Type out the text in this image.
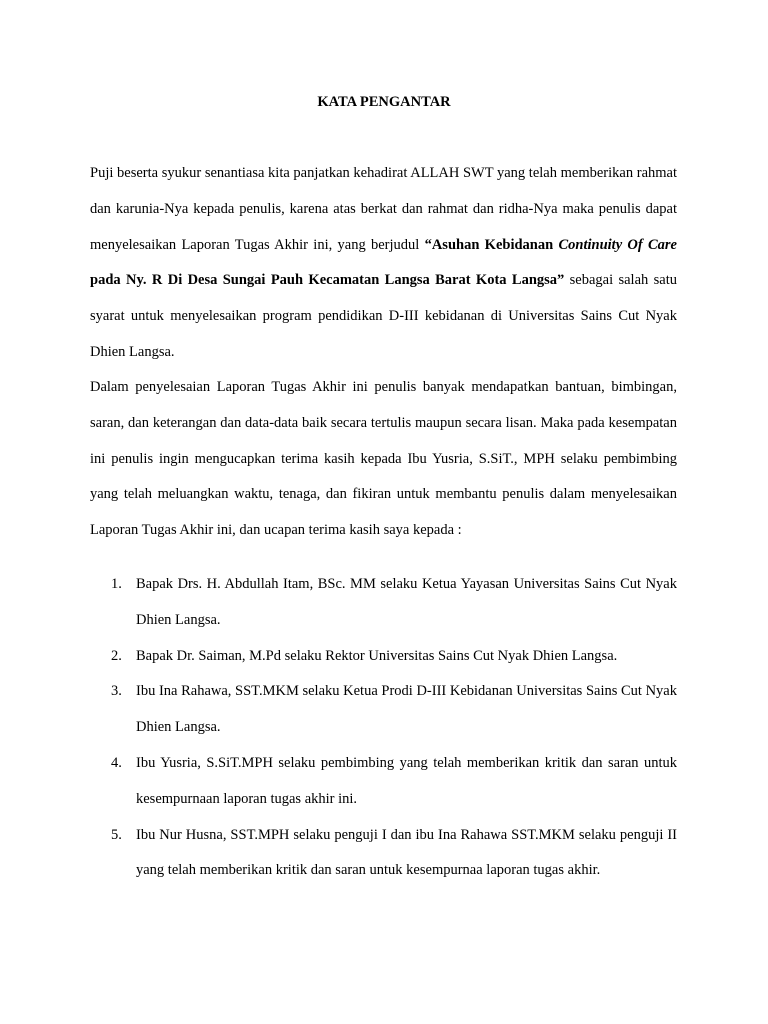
KATA PENGANTAR
Puji beserta syukur senantiasa kita panjatkan kehadirat ALLAH SWT yang telah memberikan rahmat dan karunia-Nya kepada penulis, karena atas berkat dan rahmat dan ridha-Nya maka penulis dapat menyelesaikan Laporan Tugas Akhir ini, yang berjudul “Asuhan Kebidanan Continuity Of Care pada Ny. R Di Desa Sungai Pauh Kecamatan Langsa Barat Kota Langsa” sebagai salah satu syarat untuk menyelesaikan program pendidikan D-III kebidanan di Universitas Sains Cut Nyak Dhien Langsa.
Dalam penyelesaian Laporan Tugas Akhir ini penulis banyak mendapatkan bantuan, bimbingan, saran, dan keterangan dan data-data baik secara tertulis maupun secara lisan. Maka pada kesempatan ini penulis ingin mengucapkan terima kasih kepada Ibu Yusria, S.SiT., MPH selaku pembimbing yang telah meluangkan waktu, tenaga, dan fikiran untuk membantu penulis dalam menyelesaikan Laporan Tugas Akhir ini, dan ucapan terima kasih saya kepada :
1. Bapak Drs. H. Abdullah Itam, BSc. MM selaku Ketua Yayasan Universitas Sains Cut Nyak Dhien Langsa.
2. Bapak Dr. Saiman, M.Pd selaku Rektor Universitas Sains Cut Nyak Dhien Langsa.
3. Ibu Ina Rahawa, SST.MKM selaku Ketua Prodi D-III Kebidanan Universitas Sains Cut Nyak Dhien Langsa.
4. Ibu Yusria, S.SiT.MPH selaku pembimbing yang telah memberikan kritik dan saran untuk kesempurnaan laporan tugas akhir ini.
5. Ibu Nur Husna, SST.MPH selaku penguji I dan ibu Ina Rahawa SST.MKM selaku penguji II yang telah memberikan kritik dan saran untuk kesempurnaa laporan tugas akhir.
